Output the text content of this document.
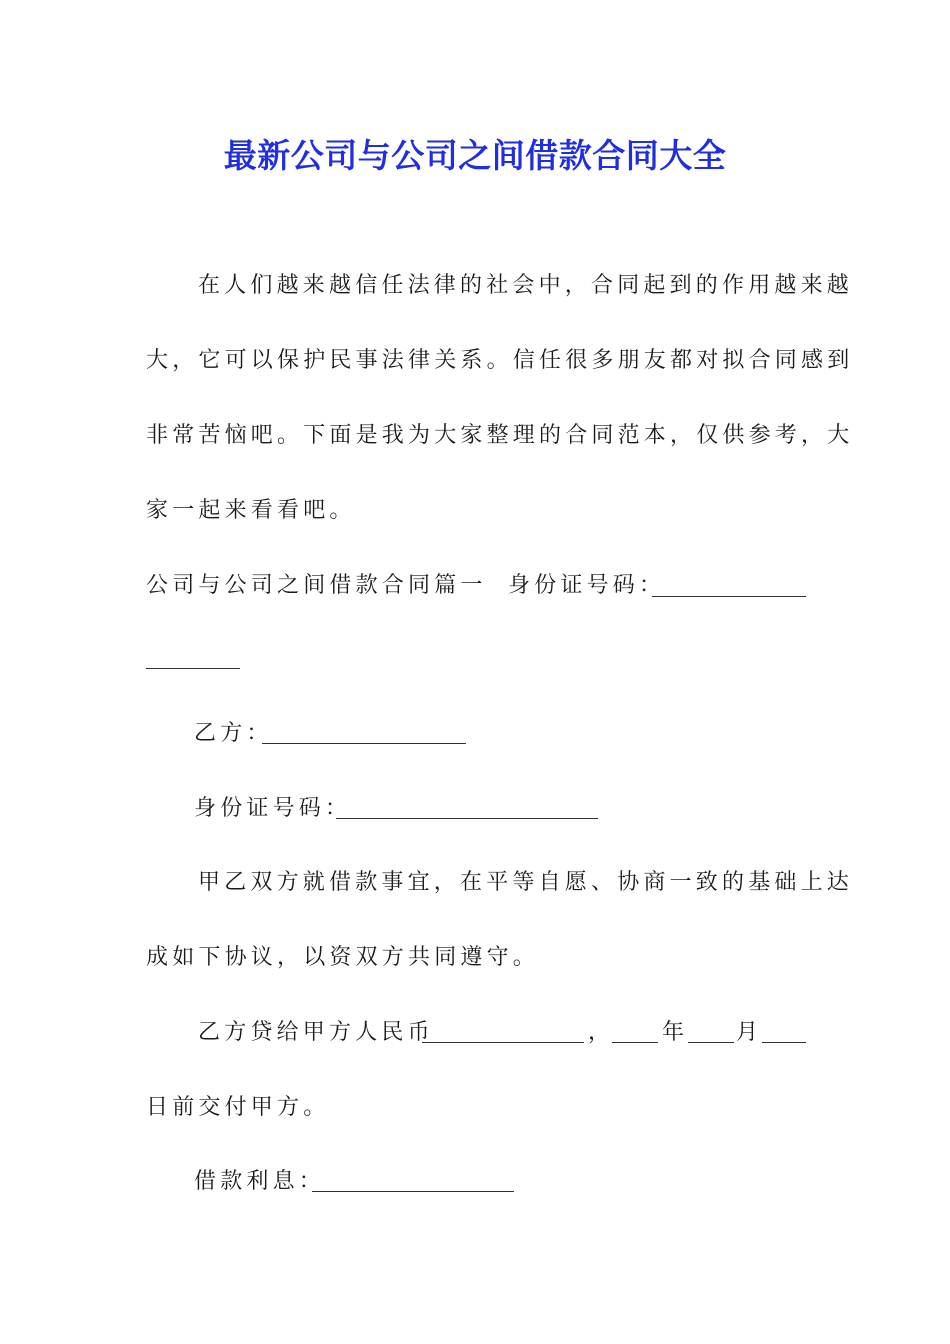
最新公司与公司之间借款合同大全
在人们越来越信任法律的社会中，合同起到的作用越来越
大，它可以保护民事法律关系。信任很多朋友都对拟合同感到
非常苦恼吧。下面是我为大家整理的合同范本，仅供参考，大
家一起来看看吧。
公司与公司之间借款合同篇一 身份证号码：
乙方：
身份证号码：
甲乙双方就借款事宜，在平等自愿、协商一致的基础上达
成如下协议，以资双方共同遵守。
乙方贷给甲方人民币	， 年 月
日前交付甲方。
借款利息：
